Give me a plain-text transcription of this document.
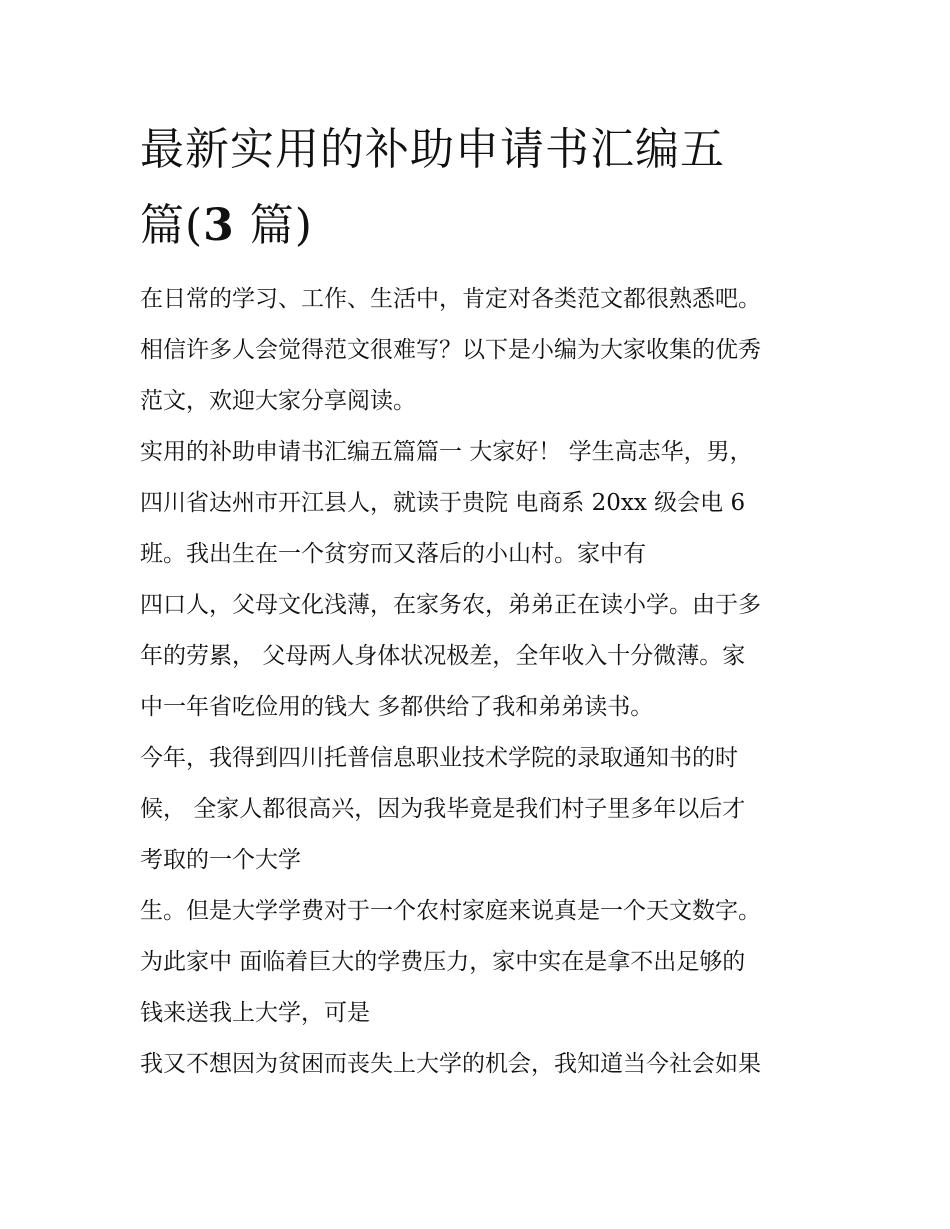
最新实用的补助申请书汇编五
篇(3 篇)
在日常的学习、工作、生活中，肯定对各类范文都很熟悉吧。
相信许多人会觉得范文很难写？以下是小编为大家收集的优秀
范文，欢迎大家分享阅读。
实用的补助申请书汇编五篇篇一 大家好！ 学生高志华，男，
四川省达州市开江县人，就读于贵院 电商系 20xx 级会电 6
班。我出生在一个贫穷而又落后的小山村。家中有
四口人，父母文化浅薄，在家务农，弟弟正在读小学。由于多
年的劳累， 父母两人身体状况极差，全年收入十分微薄。家
中一年省吃俭用的钱大 多都供给了我和弟弟读书。
今年，我得到四川托普信息职业技术学院的录取通知书的时
候， 全家人都很高兴，因为我毕竟是我们村子里多年以后才
考取的一个大学
生。但是大学学费对于一个农村家庭来说真是一个天文数字。
为此家中 面临着巨大的学费压力，家中实在是拿不出足够的
钱来送我上大学，可是
我又不想因为贫困而丧失上大学的机会，我知道当今社会如果
